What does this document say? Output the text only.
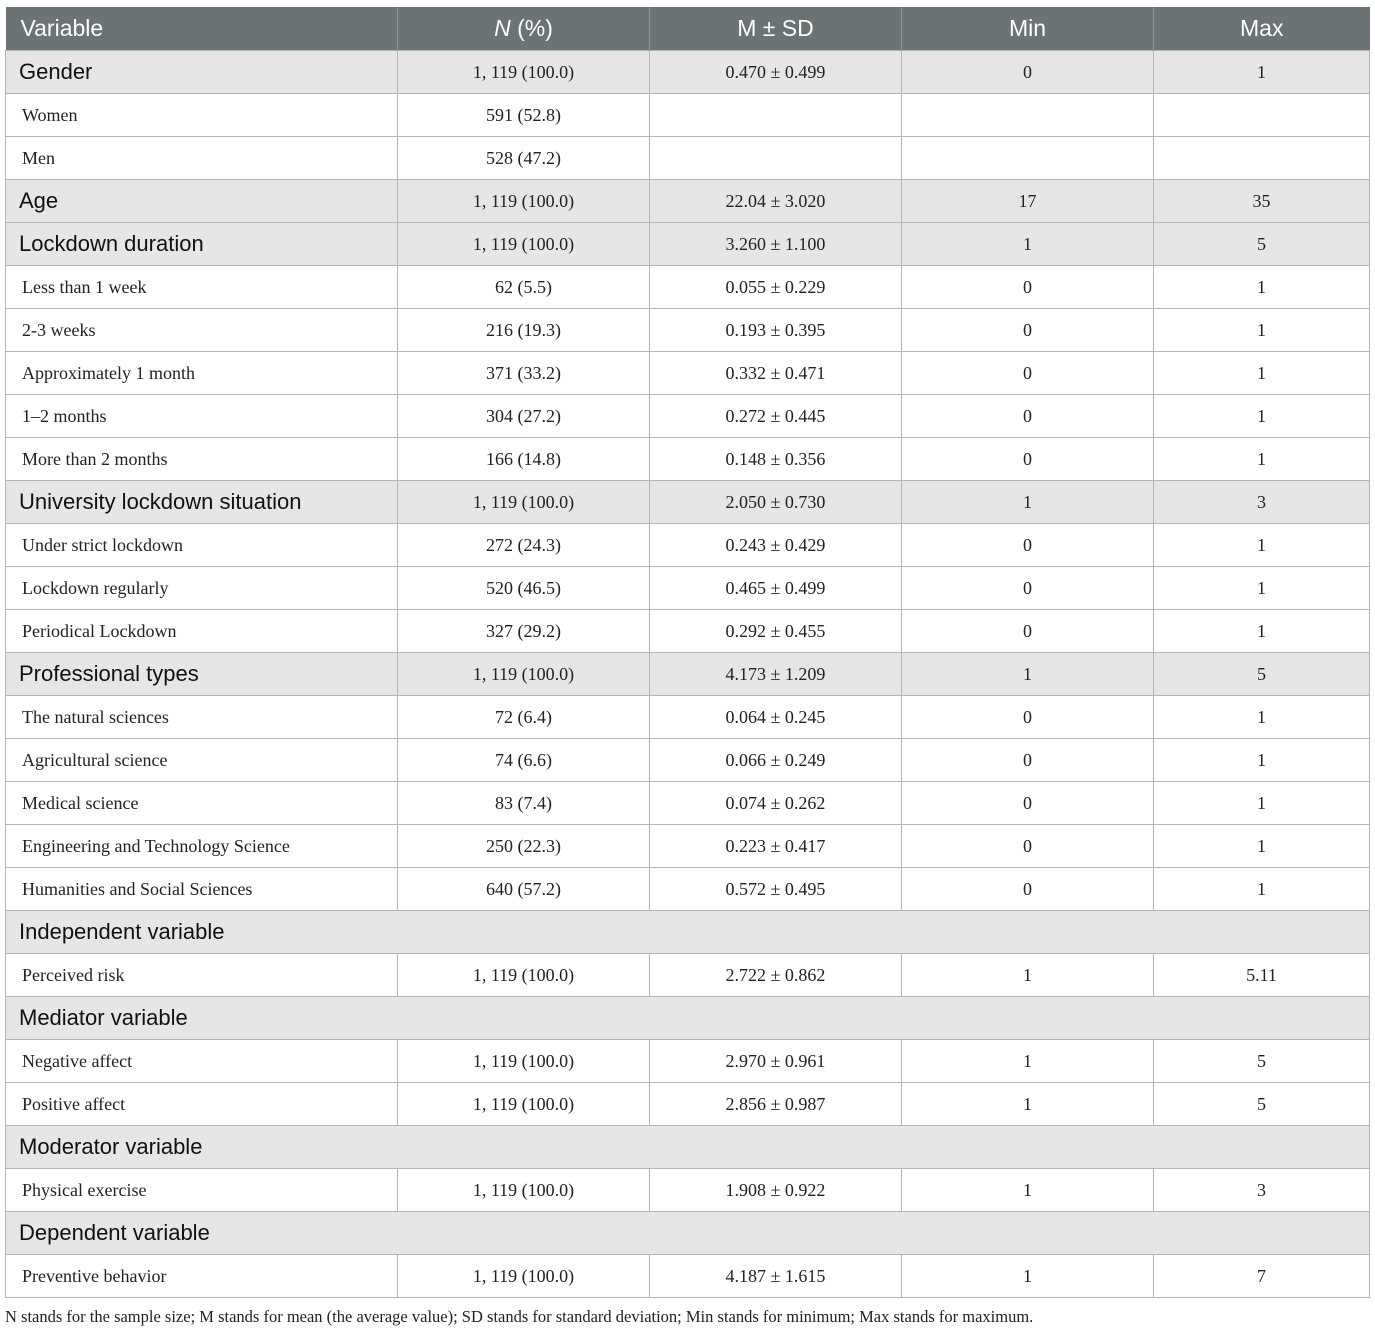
Variable	N (%)	M ± SD	Min	Max
Gender	1, 119 (100.0)	0.470 ± 0.499	0	1
Women	591 (52.8)			
Men	528 (47.2)			
Age	1, 119 (100.0)	22.04 ± 3.020	17	35
Lockdown duration	1, 119 (100.0)	3.260 ± 1.100	1	5
Less than 1 week	62 (5.5)	0.055 ± 0.229	0	1
2-3 weeks	216 (19.3)	0.193 ± 0.395	0	1
Approximately 1 month	371 (33.2)	0.332 ± 0.471	0	1
1–2 months	304 (27.2)	0.272 ± 0.445	0	1
More than 2 months	166 (14.8)	0.148 ± 0.356	0	1
University lockdown situation	1, 119 (100.0)	2.050 ± 0.730	1	3
Under strict lockdown	272 (24.3)	0.243 ± 0.429	0	1
Lockdown regularly	520 (46.5)	0.465 ± 0.499	0	1
Periodical Lockdown	327 (29.2)	0.292 ± 0.455	0	1
Professional types	1, 119 (100.0)	4.173 ± 1.209	1	5
The natural sciences	72 (6.4)	0.064 ± 0.245	0	1
Agricultural science	74 (6.6)	0.066 ± 0.249	0	1
Medical science	83 (7.4)	0.074 ± 0.262	0	1
Engineering and Technology Science	250 (22.3)	0.223 ± 0.417	0	1
Humanities and Social Sciences	640 (57.2)	0.572 ± 0.495	0	1
Independent variable				
Perceived risk	1, 119 (100.0)	2.722 ± 0.862	1	5.11
Mediator variable				
Negative affect	1, 119 (100.0)	2.970 ± 0.961	1	5
Positive affect	1, 119 (100.0)	2.856 ± 0.987	1	5
Moderator variable				
Physical exercise	1, 119 (100.0)	1.908 ± 0.922	1	3
Dependent variable				
Preventive behavior	1, 119 (100.0)	4.187 ± 1.615	1	7
N stands for the sample size; M stands for mean (the average value); SD stands for standard deviation; Min stands for minimum; Max stands for maximum.
